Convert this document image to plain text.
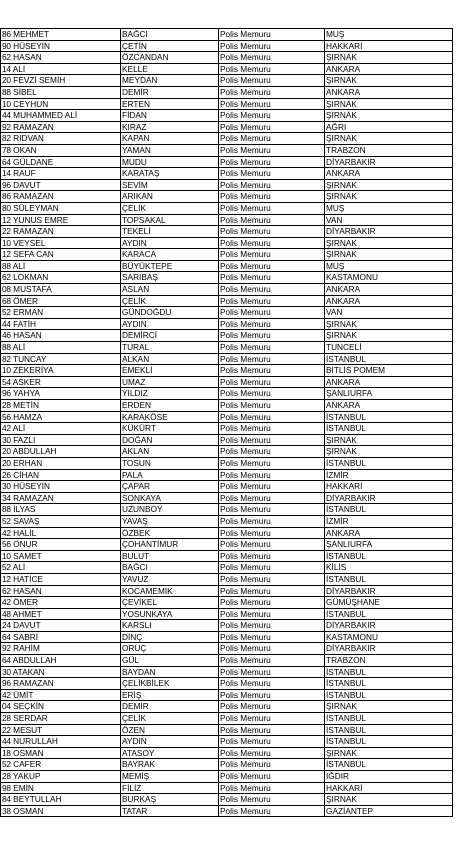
86 MEHMET	BAĞCI	Polis Memuru	MUŞ
90 HÜSEYİN	ÇETİN	Polis Memuru	HAKKARİ
62 HASAN	ÖZCANDAN	Polis Memuru	ŞIRNAK
14 ALİ	KELLE	Polis Memuru	ANKARA
20 FEVZİ SEMİH	MEYDAN	Polis Memuru	ŞIRNAK
88 SİBEL	DEMİR	Polis Memuru	ANKARA
10 CEYHUN	ERTEN	Polis Memuru	ŞIRNAK
44 MUHAMMED ALİ	FİDAN	Polis Memuru	ŞIRNAK
92 RAMAZAN	KIRAZ	Polis Memuru	AĞRI
82 RIDVAN	KAPAN	Polis Memuru	ŞIRNAK
78 OKAN	YAMAN	Polis Memuru	TRABZON
64 GÜLDANE	MUDU	Polis Memuru	DİYARBAKIR
14 RAUF	KARATAŞ	Polis Memuru	ANKARA
96 DAVUT	SEVİM	Polis Memuru	ŞIRNAK
86 RAMAZAN	ARIKAN	Polis Memuru	ŞIRNAK
80 SÜLEYMAN	ÇELİK	Polis Memuru	MUŞ
12 YUNUS EMRE	TOPSAKAL	Polis Memuru	VAN
22 RAMAZAN	TEKELİ	Polis Memuru	DİYARBAKIR
10 VEYSEL	AYDIN	Polis Memuru	ŞIRNAK
12 SEFA CAN	KARACA	Polis Memuru	ŞIRNAK
88 ALİ	BÜYÜKTEPE	Polis Memuru	MUŞ
62 LOKMAN	SARIBAŞ	Polis Memuru	KASTAMONU
08 MUSTAFA	ASLAN	Polis Memuru	ANKARA
68 ÖMER	ÇELİK	Polis Memuru	ANKARA
52 ERMAN	GÜNDOĞDU	Polis Memuru	VAN
44 FATİH	AYDIN	Polis Memuru	ŞIRNAK
46 HASAN	DEMİRCİ	Polis Memuru	ŞIRNAK
88 ALİ	TURAL	Polis Memuru	TUNCELİ
82 TUNCAY	ALKAN	Polis Memuru	İSTANBUL
10 ZEKERİYA	EMEKLİ	Polis Memuru	BİTLİS POMEM
54 ASKER	UMAZ	Polis Memuru	ANKARA
96 YAHYA	YILDIZ	Polis Memuru	ŞANLIURFA
28 METİN	ERDEN	Polis Memuru	ANKARA
56 HAMZA	KARAKÖSE	Polis Memuru	İSTANBUL
42 ALİ	KÜKÜRT	Polis Memuru	İSTANBUL
30 FAZLI	DOĞAN	Polis Memuru	ŞIRNAK
20 ABDULLAH	AKLAN	Polis Memuru	ŞIRNAK
20 ERHAN	TOSUN	Polis Memuru	İSTANBUL
26 CİHAN	PALA	Polis Memuru	İZMİR
30 HÜSEYİN	ÇAPAR	Polis Memuru	HAKKARİ
34 RAMAZAN	SONKAYA	Polis Memuru	DİYARBAKIR
88 İLYAS	UZUNBOY	Polis Memuru	İSTANBUL
52 SAVAŞ	YAVAŞ	Polis Memuru	İZMİR
42 HALİL	ÖZBEK	Polis Memuru	ANKARA
56 ONUR	ÇOHANTİMUR	Polis Memuru	ŞANLIURFA
10 SAMET	BULUT	Polis Memuru	İSTANBUL
52 ALİ	BAĞCI	Polis Memuru	KİLİS
12 HATİCE	YAVUZ	Polis Memuru	İSTANBUL
62 HASAN	KOCAMEMİK	Polis Memuru	DİYARBAKIR
42 ÖMER	ÇEVİKEL	Polis Memuru	GÜMÜŞHANE
48 AHMET	YOSUNKAYA	Polis Memuru	İSTANBUL
24 DAVUT	KARSLI	Polis Memuru	DİYARBAKIR
64 SABRİ	DİNÇ	Polis Memuru	KASTAMONU
92 RAHİM	ORUÇ	Polis Memuru	DİYARBAKIR
64 ABDULLAH	GÜL	Polis Memuru	TRABZON
30 ATAKAN	BAYDAN	Polis Memuru	İSTANBUL
96 RAMAZAN	ÇELİKBİLEK	Polis Memuru	İSTANBUL
42 ÜMİT	ERİŞ	Polis Memuru	İSTANBUL
04 SEÇKİN	DEMİR	Polis Memuru	ŞIRNAK
28 SERDAR	ÇELİK	Polis Memuru	İSTANBUL
22 MESUT	ÖZEN	Polis Memuru	İSTANBUL
44 NURULLAH	AYDIN	Polis Memuru	İSTANBUL
18 OSMAN	ATASOY	Polis Memuru	ŞIRNAK
52 CAFER	BAYRAK	Polis Memuru	İSTANBUL
28 YAKUP	MEMİŞ	Polis Memuru	IĞDIR
98 EMİN	FİLİZ	Polis Memuru	HAKKARİ
84 BEYTULLAH	BURKAŞ	Polis Memuru	ŞIRNAK
38 OSMAN	TATAR	Polis Memuru	GAZİANTEP
